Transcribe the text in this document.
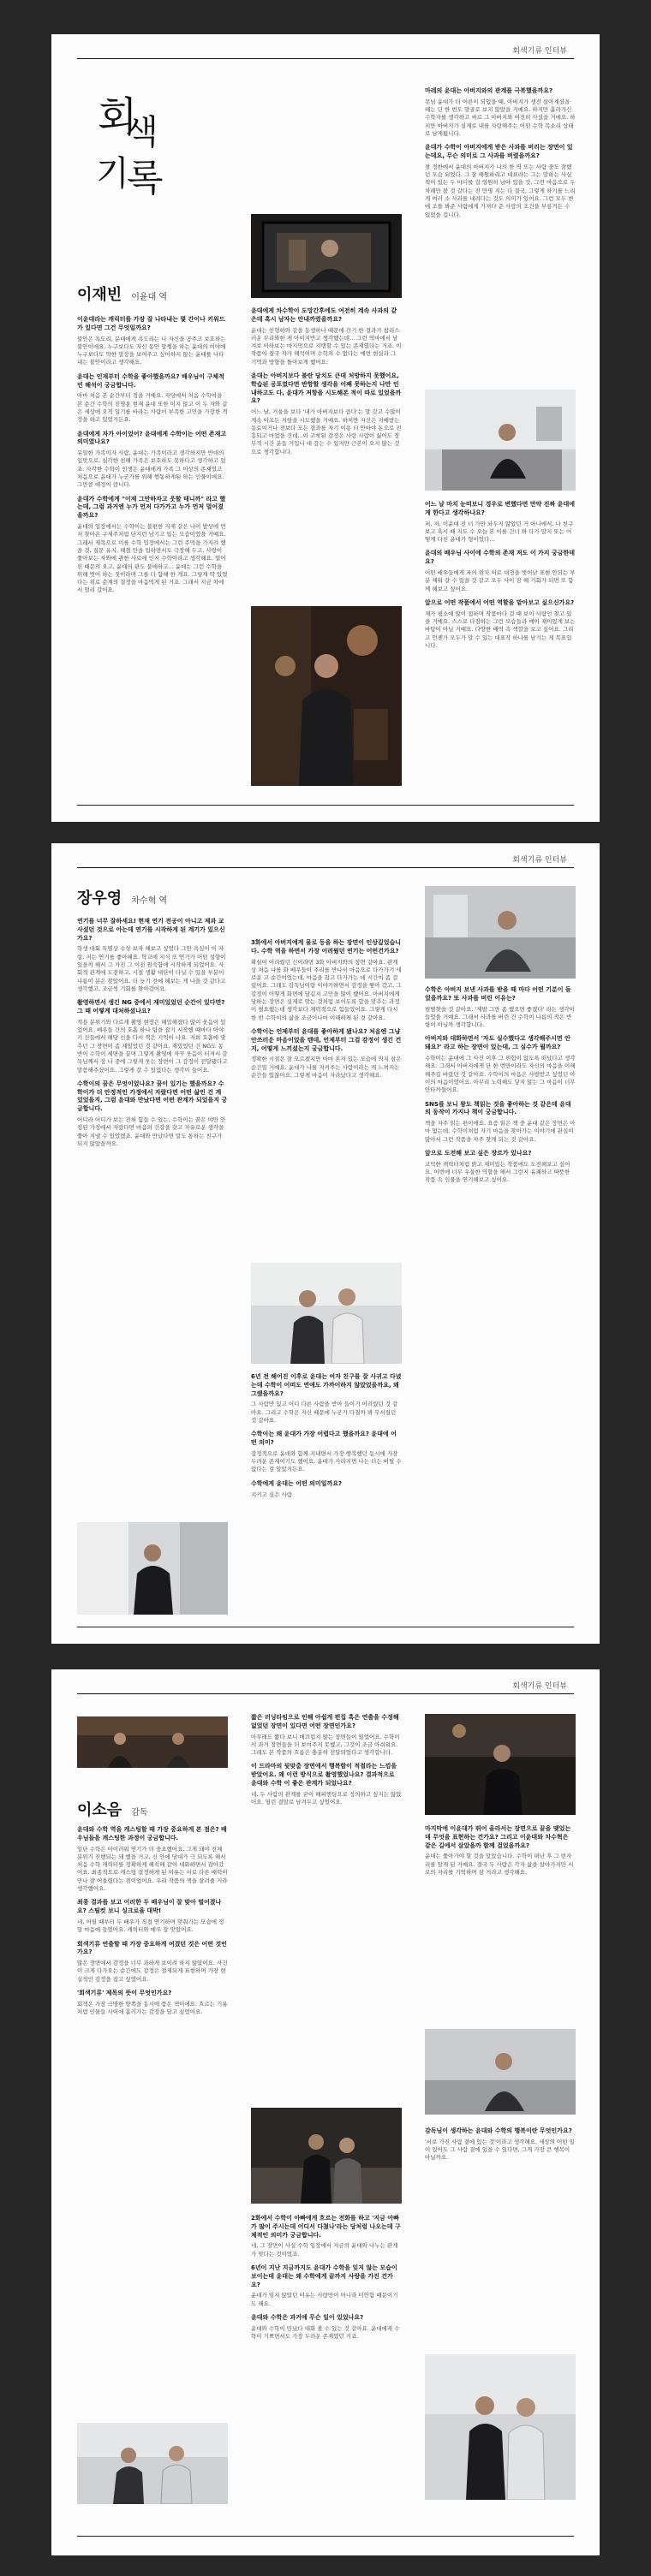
회색기류 인터뷰
회
색
기
록
이재빈 이윤대 역
이윤대라는 캐릭터를 가장 잘 나타내는 몇 간이나 키워드가 있다면 그건 무엇일까요?
불안은 욕도리, 분대에게 욕도리는 나 자신을 공주고 보호하는 불안이에요. 누구보다도 자신 동안 말썽을 하는 윤대의 이야에 누구보다도 약한 말장을 보여주고 싶어하지 않는 윤대를 나타내는 불안이라고 생각해요.
윤대는 인재부터 수학을 좋아했을까요? 배우님이 구체적인 해석이 궁금합니다.
아마 처음 본 순간부터 정을 거예요. 자당에서 처음 수학여을 본 순간 수학의 진명운 현재 윤대 또한 미지 않고 이 두 자와 같은 세상에 오직 일기를 바라는 사람이 부족한 고민을 가장한 격정을 하고 있었거든요.
윤대에게 자가 아이었어? 윤대에게 수학이는 어떤 존재고 의미였나요?
유일한 가족이자 사람, 윤대는 가족이라고 생각하지만 반대의 입맛으로, 심각한 친해 가족은 보호하도 못하다고 생각하고 있죠. 자각한 수학이 인생은 윤대에게 가족 그 이상의 존재였고 처음으로 윤대가 누군가를 위해 행동하게된 하는 인물이에요. 그만큼 애정이 큽니다.
윤대가 수학에게 "이제 그만하자고 웃할 테니까" 라고 했는데, 그럼 과거엔 누가 먼저 다가가고 누가 먼저 멀어졌을까요?
윤대의 입장에서는 수학이는 불편한 자제 같은 나이 발상에 먼저 찾아온 구세주처럼 단지런 남기고 있는 모습이었을 거예요. 그래서 제목으로 이를 수학 입장에서는 그런 주먹을 가지려 했을 것, 질문 유지, 해철 만을 입하면서도 극장해 두고, 사랑이 쫓아보는 자와에 관한 사로에 인지 수학이라고 생각해요. 멀어진 때문의 오고, 윤대의 관도 불에하고... 윤대는 그런 수학을 위해 벗어 하는 짓이라며 그를 다 함해 한 개요. 그렇게 딱 있었다는 위로 순계의 결정을 마음먹게 된 거죠. 그래서 지금 차에서 멀리 갔어요.
윤대에게 차수학이 도망간후에도 여전히 계속 사과의 같은데 혹시 남자는 안내까렸을까요?
윤대는 친형하와 같을 동생하나 때문에 간기 한 결과가 참리스러운 무리와한 게 아이지반고 생각했는데... 그런 역마에서 남겨보 아하보는 마지막으로 지탱할 수 있는 존재였다는 거죠. 이 작품이 결국 자가 해석이며 수학의 수 없다는 매번 현실과 그 기억과 방향을 돌아보게 했어요.
윤대는 아버지보다 불란 당치도 큰데 처방하지 못했어요, 학습된 공포였다면 반항할 생각을 어째 못하는지 나만 인내하고도 다, 윤대가 저항을 시도해본 적이 따로 있었을까요?
어느 날, 거울을 보다 '내가 아버지보다 큽다'는 말 갖고 수많이 계속 아프든 저항을 시도했을 거예요. 하지만 자신은 지배받는 동료이거나 전보다 모든 결과를 자기 이용 더 안아야 돈으로 진흥되고 마었을 건데...이 고착된 감정은 사랑 사람이 싫어도 장무적 시간 분들 거입니 대 갚는 수 있지만 근본이 오지 않는 것으로 생각합니다.
마레의 윤대는 아버지와의 관계를 극복했을까요?
못넘 윤대가 더 어른이 되었을 때, 아버지가 생전 살아계셨을 때는 딘 한 번도 말골로 보지 않았을 거예요. 하지만 흘라가신 수학자를 생각하고 싸르 그 아버지와 여전히 사셨을 거에요. 하지만 아버지가 실제로 내를 사랑해주는 어떤 수학 목소리 상태로 남게됩니다.
윤대가 수학이 아버지에게 받은 사과를 버리는 장면이 있는데요, 무슨 의미로 그 사과를 버렸을까요?
잘 정한에서 윤대의 아버지가 나의 한 역 또는 사람 중도 잘했던 모습 되었다. 그 잘 해원하리고 대표라는 그는 말하는 사실 적어 있는 두 마디를 걸 영원히 남아 있을 것, 그런 마음으로 두 차례만 볼 것 같다는 전 만명 지는 다 결국, 그렇게 하기를 느리게 여러 소 사과를 내려다는 것도 의미가 있어요. 그런 모두 변에 조를 봐준 사람에게 가져다 준 사랑의 조건을 부릉거든 수 있었을 겁니다.
어느 날 마치 눈떠보니 경우로 변했다면 만약 진짜 윤대에게 한다고 생각하나요?
저, 저, 이윤대 전 너 가만 놔두지 않았던 거 아니에서, 나 친구 보고 혹시 때 지도 수 오늘 본 이를 건너 봐 다가 말지 또는 어떻게 다친 윤대가 형이었다...
윤대의 배우님 사이에 수학의 존재 저도 이 가지 궁금한데 요?
어떤 배우들에게 자의 위치 서로 대정을 벗어난 표현 안되는 부분 채워 갈 수 있을 것 같고 모두 사이 잠 해 기회가 되면 또 함께 해보고 싶어요.
앞으로 어떤 작품에서 어떤 역할을 맡아보고 싶으신가요?
제가 평소에 많이 접하며 작품마다 걸 때 보이 사람인 찾고 있을 거예요. 스스로 다짐하는 그런 모습들과 매이 재미있게 보는 바탕이 아닐 거예요. 다양한 배역 속 색깔을 보고 싶어요. 그리고 언젠가 모두가 알 수 있는 대표작 하나를 남기는 게 목표입니다.
회색기류 인터뷰
장우영 차수혁 역
연기를 너무 잘하세요! 현재 연기 전공이 아니고 제과 교사셨던 것으로 아는데 연기를 시작하게 된 계기가 있으신가요?
학생 대회 특별상 수상 보자 해보고 싶었다 그만 욕심이 이 자랑, 저는 연기를 좋아해요. 학교에 지식 또 연기가 어떤 성향이 있을까 해서 그 가진 그 이전 원숙함에 시작하게 되었어요. 사회적 관계에 도전하고, 시절 생활 대단이 다닐 수 있을 부분이 나름이 분은 찾았어요. 더 늦기 전에 해보는 게 나을 것 같다고 생각했고, 조금씩 기회를 찾아갔어요.
촬영하면서 생긴 NG 중에서 재미있었던 순간이 있다면? 그 때 어떻게 대처하셨나요?
적용 분위기와 다르게 촬영 현장은 해밀해졌다 많이 웃음이 있었어요. 배우들 간의 호흡 하나 팀을 잡기 시작했 때마다 이야기 산들에서 해당 신을 다시 찍은 기억이 나요. 저희 호흡에 맞추던 그 장면이 좀 재밌었던 것 같아요. 재밌었던 건 NG도 동반이 수학이 세면을 끌며 그렇게 촬영에 자꾸 웃음이 터져서 감독님께서 장 나 중에 그렇게 웃는 장면이 그 감정이 전달됐다고 말씀해주셨어요. 그렇게 갈 수 있었다는 생각이 들어요.
수학이의 꿈은 무엇이었나요? 꿈이 있기는 했을까요? 수학이가 더 안정적인 가정에서 자랐다면 어떤 삶인 건 계 있었을지, 그럼 윤대와 만났다면 어떤 관계가 되었을지 궁금합니다.
어디라 어디가 보는 전혀 힘들 수 있는, 수학이는 꿈은 야만 안정된 가정에서 자랐다면 마음의 건강을 갖고 자유로운 생각을 쫓아 지낼 수 있었겠죠. 윤대와 만났다면 말도 통하는 친구가 되지 않았을까요.
3화에서 아버지에게 물로 등을 하는 장면이 인상깊었습니다. 수학 역을 하면서 가장 어려웠던 연기는 어떤건가요?
확실이 어려웠던 신이라면 3화 아버지와의 장면 같아요. 관계상 처음 나를 화 배우들이 주리를 반나서 마음으로 다가가기 새로운 고 순간이었는데, 마음을 잡고 다가가는 데 시간이 좀 걸렸어요. 그래도 감독님이랑 이야기하면서 감정을 쌓아 갔고, 그 감정이 어떻게 화면에 담길지 고민을 많이 했어요. 아버지에게 당하는 장면은 실제로 맞는 것처럼 보이도록 합을 맞추는 과정이 필요했는데 생각보다 체력적으로 힘들었어요. 그렇게 다시 한 번 수학이의 삶을 조금이나마 이해하게 된 것 같아요.
수학이는 언제부터 윤대를 좋아하게 됐나요? 처음엔 그냥 안쓰러운 마음이었을 텐데, 언제부터 그걸 감정이 생긴 건지, 어떻게 느끼셨는지 궁금합니다.
정확한 시점은 잘 모르겠지만 아마 혼자 있는 모습에 의지 삼은 순간일 거예요. 윤대가 나를 지켜주는 사람이라는 게 느껴지는 순간들 있잖아요, 그렇게 마음이 자라났다고 생각해요.
6년 전 헤어진 이후로 윤대는 여자 친구를 잘 사귀고 다녔는데 수학이 어떠도 연애도 가까이하지 않았었을까요, 왜 그랬을까요?
그 사람만 있고 어디 다른 사람을 받아 들이기 어려웠던 것 같아요. 그리고 수학은 자신 때문에 누군가 다칠까 봐 무서웠던 것 같아요.
수학이는 왜 윤대가 가장 어렵다고 했을까요? 윤대에 어떤 의미?
감정적으로 윤대와 함께 지내면서 가장 행복했던 동시에 가장 두려운 존재이기도 했어요. 윤대가 사라지면 나는 더는 버틸 수 없다는 걸 알았거든요.
수학에게 윤대는 어떤 의미일까요?
지키고 싶은 사람
수학은 아버지 보낸 사과를 받을 때 마다 어떤 기분이 들었을까요? 또 사과를 버린 이유는?
범벌찾을 것 같아요. '제발 그만 좀 했으면 좋겠다' 라는 생각이 들었을 거예요. 그래서 사과를 버린 건 수학이 나름의 작은 반항이 아닐까 생각합니다.
아버지와 대화하면서 '자도 실수했다고 생각해주시면 안돼요?' 라고 하는 장면이 있는데, 그 실수가 뭘까요?
수학이는 윤대에 그 사건 이후 그 위험이 없도록 떠났다고 생각해요. 그래서 아버지에게 단 한 번만이라도 자신의 마음을 이해해주길 바랐던 것 같아요. 수학이의 마음은 사랑받고 싶었던 아이의 마음이었어요. 아무리 노력해도 닿지 않는 그 마음이 너무 안타까웠어요.
SNS를 보니 왕도 책읽는 것을 좋아하는 것 같은데 윤대의 동작이 가지나 책이 궁금합니다.
책을 자주 읽는 편이에요. 요즘 읽은 책 중 윤대 같은 장면은 아마 없는데, 수학이처럼 자기 마음을 찾아가는 이야기에 관심이 많아서 그런 작품을 자주 찾게 되는 것 같아요.
앞으로 도전해 보고 싶은 장르가 있나요?
코믹한 캐릭터처럼 밝고 재미있는 작품에도 도전해보고 싶어요. 이번에 너무 우울한 역할을 해서 그런지 유쾌하고 따뜻한 작품 속 인물을 연기해보고 싶어요.
회색기류 인터뷰
이소음 감독
윤대와 수학 역을 캐스팅할 때 가장 중요하게 본 점은? 배우님들을 캐스팅한 과정이 궁금합니다.
일단 수학은 아이러워 연기가 더 중요했어요. 그게 돼야 전체 분위기 진행되는 돼 했을 거고, 신 안에 당대가 극 되도록 해서 처음 수학 캐릭터를 정확하게 해석해 같이 대화하면서 잡아갔어요. 최종적으로 캐스팅 결정하게 된 이유는 서로 다른 매력이 만나 잘 어울렸다는 점이었어요. 우리 작품의 색을 살려줄 거라 생각했어요.
최종 결과를 보고 이러한 두 배우님이 잘 맞아 떨어졌나요? 스틸컷 보니 싱크로율 대박!
네, 어릴 때부터 두 배우가 직접 연기하며 맞춰가는 모습에 정말 마음에 들었어요. 캐릭터와 매우 잘 맞았어요.
회색기류 연출할 때 가장 중요하게 여겼던 것은 어떤 것인가요?
많은 장면에서 감정을 너무 과하게 보이려 하지 않았어요. 사건이 크게 다가오는 순간에도 감정은 절제되게 표현하며 가장 현실적인 감정을 잡고 싶었어요.
'회색기류' 제목의 뜻이 무엇인가요?
회색은 가장 극명한 양쪽을 동시에 품은 색이에요. 흐르는 기류처럼 인물들 사이에 흘러가는 감정을 담고 싶었어요.
짧은 러닝타임으로 인해 아쉽게 편집 혹은 연출을 수정해 없었던 장면이 있다면 어떤 장면인가요?
아무래도 짧다 보니 매끄럽지 않는 장면들이 있었어요. 수학이의 과거 장면들을 더 보여주지 못했고, 그것이 조금 아쉬워요. 그래도 본 작품의 흐름은 충분히 전달되었다고 생각합니다.
이 드라마의 뒷맞춤 장면에서 행복함이 적절라는 느낌을 받았어요. 왜 이런 방식으로 촬영했었나요? 결과적으로 윤대와 수학 이 좋은 관계가 되었나요?
네, 두 사람의 관계를 굳이 해피엔딩으로 정의하고 싶지는 않았어요. 열린 결말로 남겨두고 싶었어요.
2화에서 수학이 아빠에게 흐르는 전화를 하고 '지금 아빠가 많이 주시는데 어디서 다쳤나'라는 당처럼 나오는데 구체적인 의미가 궁금합니다.
네, 그 장면이 사실 수학 입장에서 지금의 윤대와 나누는 관계가 맞다는 것이었죠.
6년이 지난 지금까지도 윤대가 수학을 잊지 않는 모습이 보이는데 윤대는 왜 수학에게 끝까지 사랑을 가진 건가요?
윤대가 잊지 않았던 이유는 사랑만이 아니라 미안함 때문이기도 해요.
윤대와 수학은 과거에 무슨 일이 있었나요?
윤대와 수학이 만났다 대화 볼 수 있는 것 같아요. 윤대에게 수학이 기쁘면서도 가장 두려운 존재였던 거죠.
마지막에 이윤대가 뛰어 올라서는 장면으로 끝을 맺었는데 무엇을 표현하는 건가요? 그리고 이윤대와 차수혁은 같은 길에서 살았을까 함께 걸었을까요?
윤대는 쫓아가야 할 것을 알았습니다. 수학이 떠난 후 그 빈자리를 알게 된 거예요. 결국 두 사람은 각자 삶을 살아가지만 서로의 자리를 기억하며 살 거라고 생각해요.
감독님이 생각하는 윤대와 수학의 행복이란 무엇인가요?
'서로 가진 사람 곁에 있는 것'이라고 생각해요. 세상의 어떤 일이 있어도 그 사람 곁에 있을 수 있다면, 그게 가장 큰 행복이 아닐까요.
